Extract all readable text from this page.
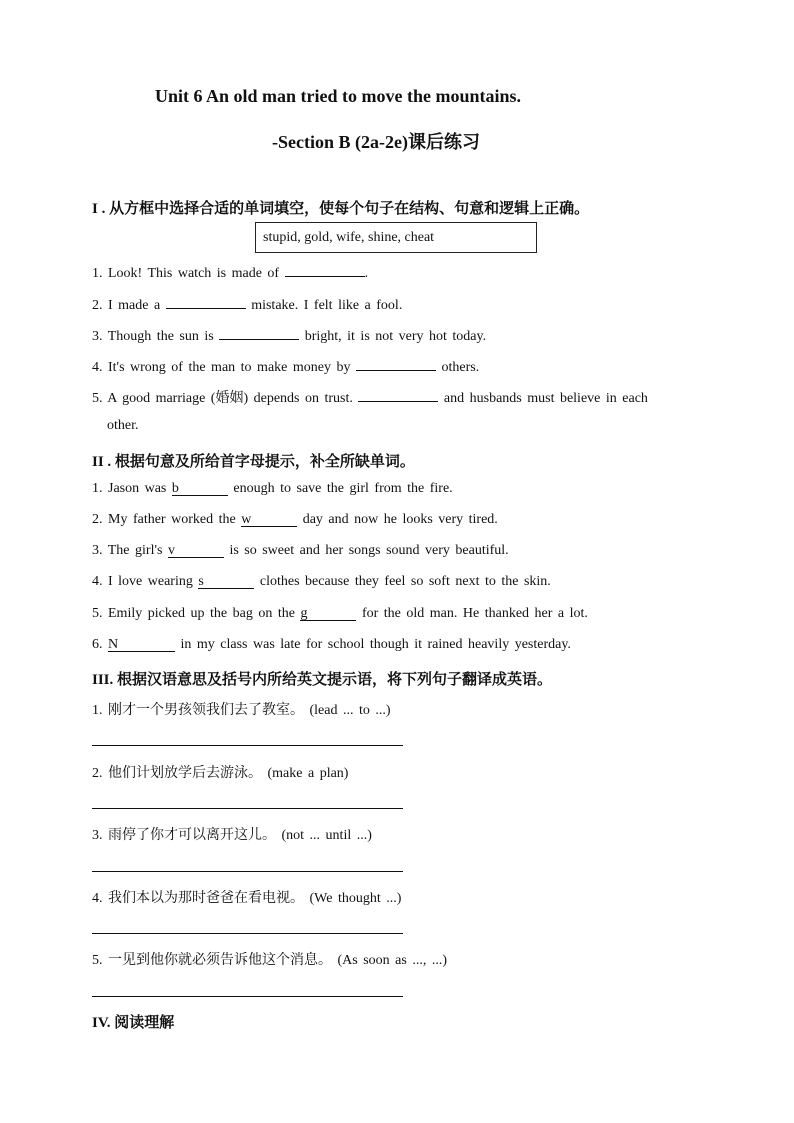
Unit 6 An old man tried to move the mountains.
-Section B (2a-2e)课后练习
I . 从方框中选择合适的单词填空，使每个句子在结构、句意和逻辑上正确。
stupid, gold, wife, shine, cheat
1. Look! This watch is made of	.
2. I made a	mistake. I felt like a fool.
3. Though the sun is	bright, it is not very hot today.
4. It's wrong of the man to make money by	others.
5. A good marriage (婚姻) depends on trust.	and husbands must believe in each
other.
II . 根据句意及所给首字母提示，补全所缺单词。
1. Jason was b	enough to save the girl from the fire.
2. My father worked the w	day and now he looks very tired.
3. The girl's v	is so sweet and her songs sound very beautiful.
4. I love wearing s	clothes because they feel so soft next to the skin.
5. Emily picked up the bag on the g	for the old man. He thanked her a lot.
6. N	in my class was late for school though it rained heavily yesterday.
III. 根据汉语意思及括号内所给英文提示语，将下列句子翻译成英语。
1. 刚才一个男孩领我们去了教室。 (lead ... to ...)
2. 他们计划放学后去游泳。 (make a plan)
3. 雨停了你才可以离开这儿。 (not ... until ...)
4. 我们本以为那时爸爸在看电视。 (We thought ...)
5. 一见到他你就必须告诉他这个消息。 (As soon as ..., ...)
IV. 阅读理解
